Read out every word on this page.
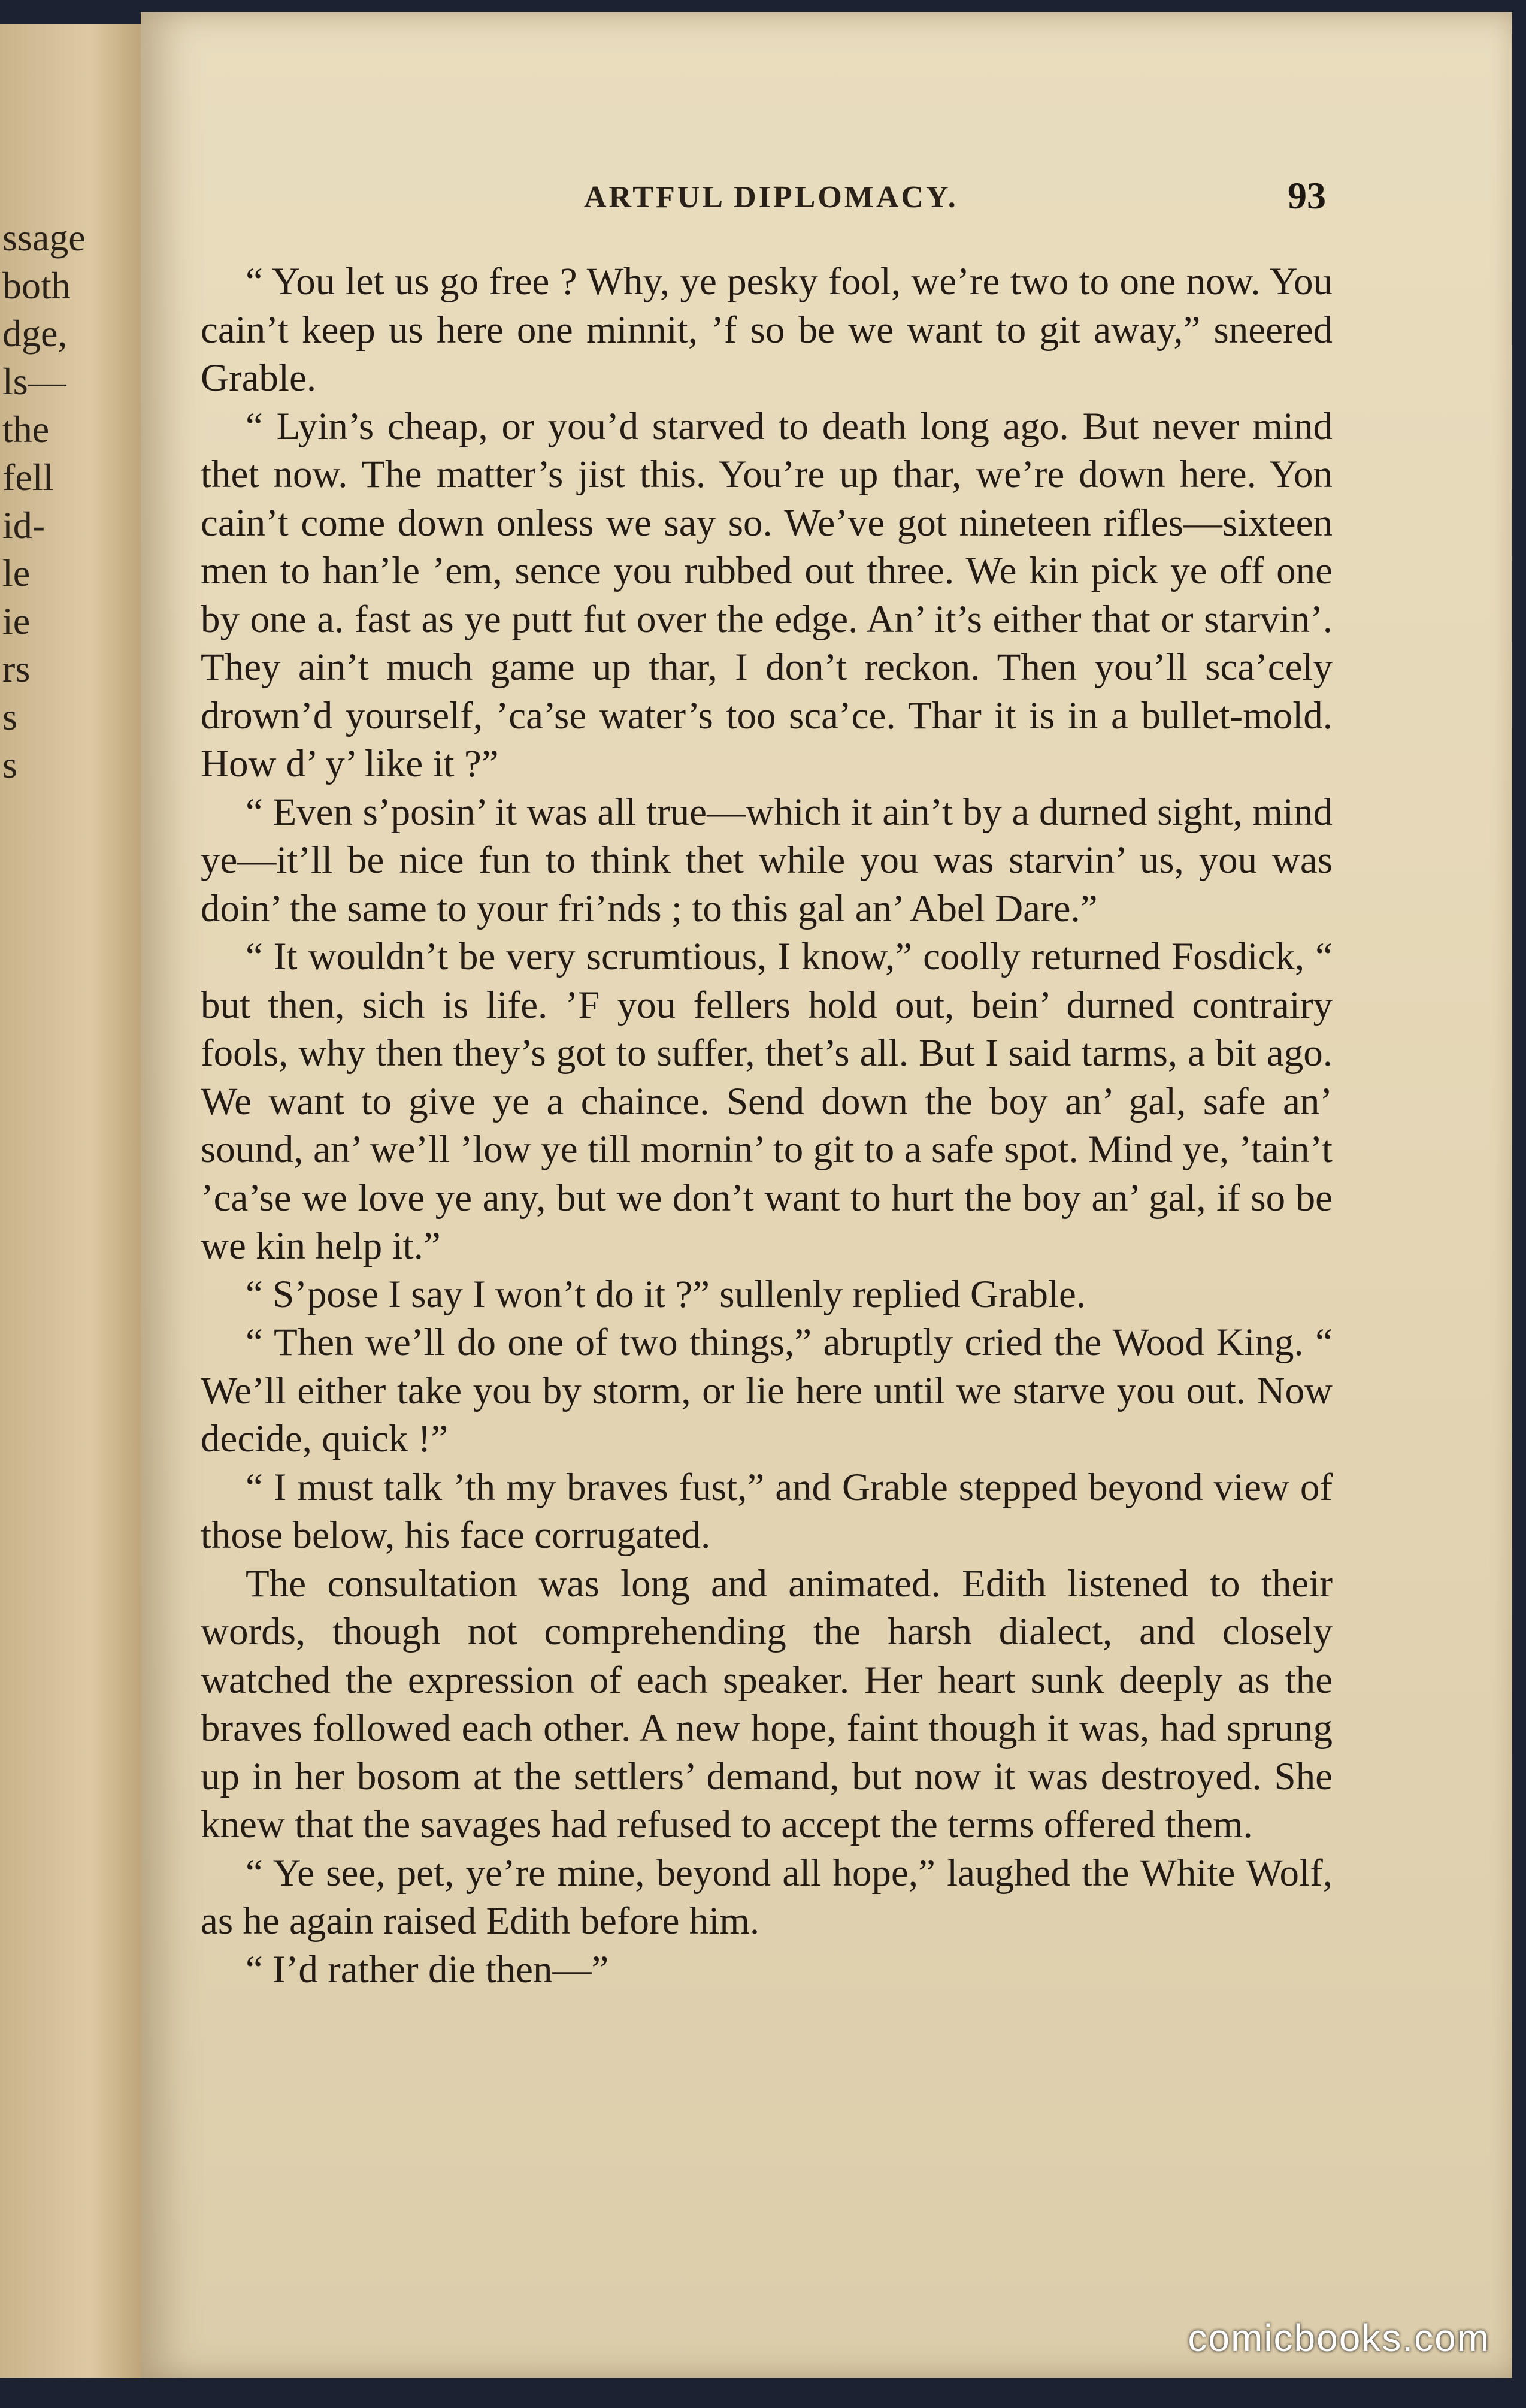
ssage
both
dge,
ls—
the
fell
id-
le
ie
rs
s
s
ARTFUL DIPLOMACY.	93

“ You let us go free ? Why, ye pesky fool, we’re two to one now. You cain’t keep us here one minnit, ’f so be we want to git away,” sneered Grable.

“ Lyin’s cheap, or you’d starved to death long ago. But never mind thet now. The matter’s jist this. You’re up thar, we’re down here. Yon cain’t come down onless we say so. We’ve got nineteen rifles—sixteen men to han’le ’em, sence you rubbed out three. We kin pick ye off one by one a. fast as ye putt fut over the edge. An’ it’s either that or starvin’. They ain’t much game up thar, I don’t reckon. Then you’ll sca’cely drown’d yourself, ’ca’se water’s too sca’ce. Thar it is in a bullet-mold. How d’ y’ like it ?”

“ Even s’posin’ it was all true—which it ain’t by a durned sight, mind ye—it’ll be nice fun to think thet while you was starvin’ us, you was doin’ the same to your fri’nds ; to this gal an’ Abel Dare.”

“ It wouldn’t be very scrumtious, I know,” coolly returned Fosdick, “ but then, sich is life. ’F you fellers hold out, bein’ durned contrairy fools, why then they’s got to suffer, thet’s all. But I said tarms, a bit ago. We want to give ye a chaince. Send down the boy an’ gal, safe an’ sound, an’ we’ll ’low ye till mornin’ to git to a safe spot. Mind ye, ’tain’t ’ca’se we love ye any, but we don’t want to hurt the boy an’ gal, if so be we kin help it.”

“ S’pose I say I won’t do it ?” sullenly replied Grable.

“ Then we’ll do one of two things,” abruptly cried the Wood King. “ We’ll either take you by storm, or lie here until we starve you out. Now decide, quick !”

“ I must talk ’th my braves fust,” and Grable stepped beyond view of those below, his face corrugated.

The consultation was long and animated. Edith listened to their words, though not comprehending the harsh dialect, and closely watched the expression of each speaker. Her heart sunk deeply as the braves followed each other. A new hope, faint though it was, had sprung up in her bosom at the settlers’ demand, but now it was destroyed. She knew that the savages had refused to accept the terms offered them.

“ Ye see, pet, ye’re mine, beyond all hope,” laughed the White Wolf, as he again raised Edith before him.

“ I’d rather die then—”

comicbooks.com
